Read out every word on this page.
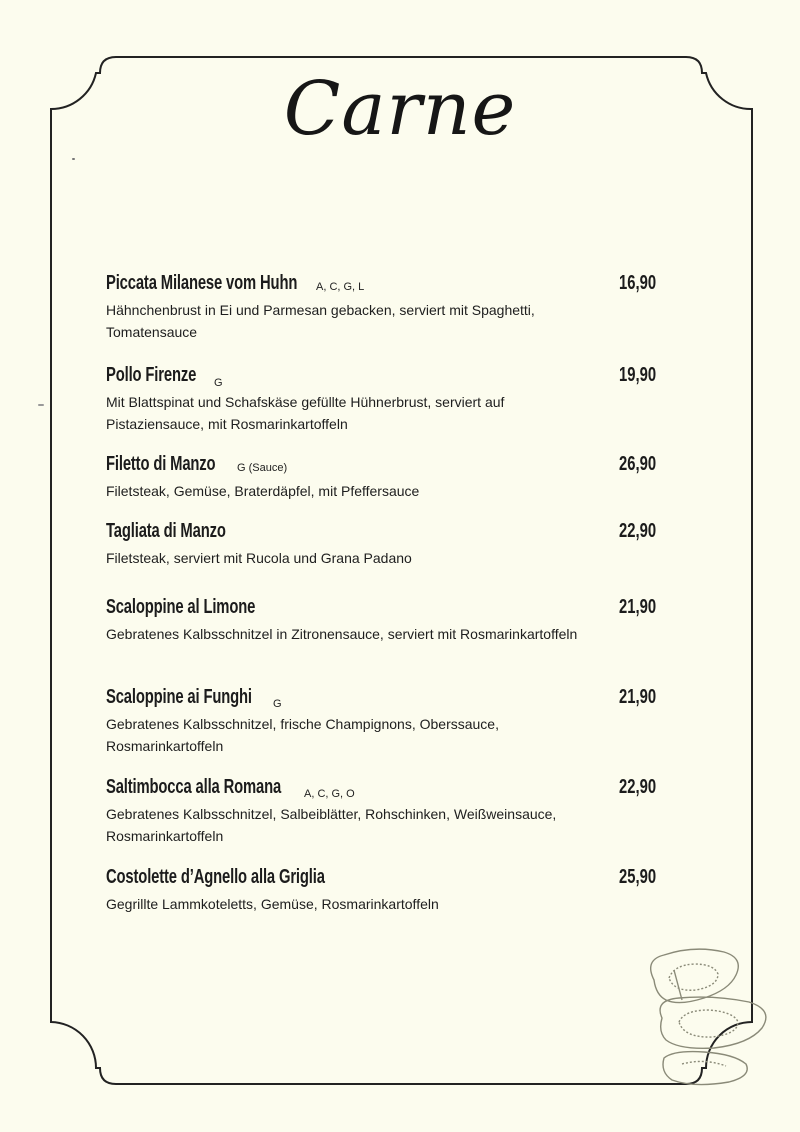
Carne
Piccata Milanese vom Huhn A, C, G, L	16,90
Hähnchenbrust in Ei und Parmesan gebacken, serviert mit Spaghetti, Tomatensauce
Pollo Firenze G	19,90
Mit Blattspinat und Schafskäse gefüllte Hühnerbrust, serviert auf Pistaziensauce, mit Rosmarinkartoffeln
Filetto di Manzo G (Sauce)	26,90
Filetsteak, Gemüse, Braterdäpfel, mit Pfeffersauce
Tagliata di Manzo	22,90
Filetsteak, serviert mit Rucola und Grana Padano
Scaloppine al Limone	21,90
Gebratenes Kalbsschnitzel in Zitronensauce, serviert mit Rosmarinkartoffeln
Scaloppine ai Funghi G	21,90
Gebratenes Kalbsschnitzel, frische Champignons, Oberssauce, Rosmarinkartoffeln
Saltimbocca alla Romana A, C, G, O	22,90
Gebratenes Kalbsschnitzel, Salbeiblätter, Rohschinken, Weißweinsauce, Rosmarinkartoffeln
Costolette d’Agnello alla Griglia	25,90
Gegrillte Lammkoteletts, Gemüse, Rosmarinkartoffeln
